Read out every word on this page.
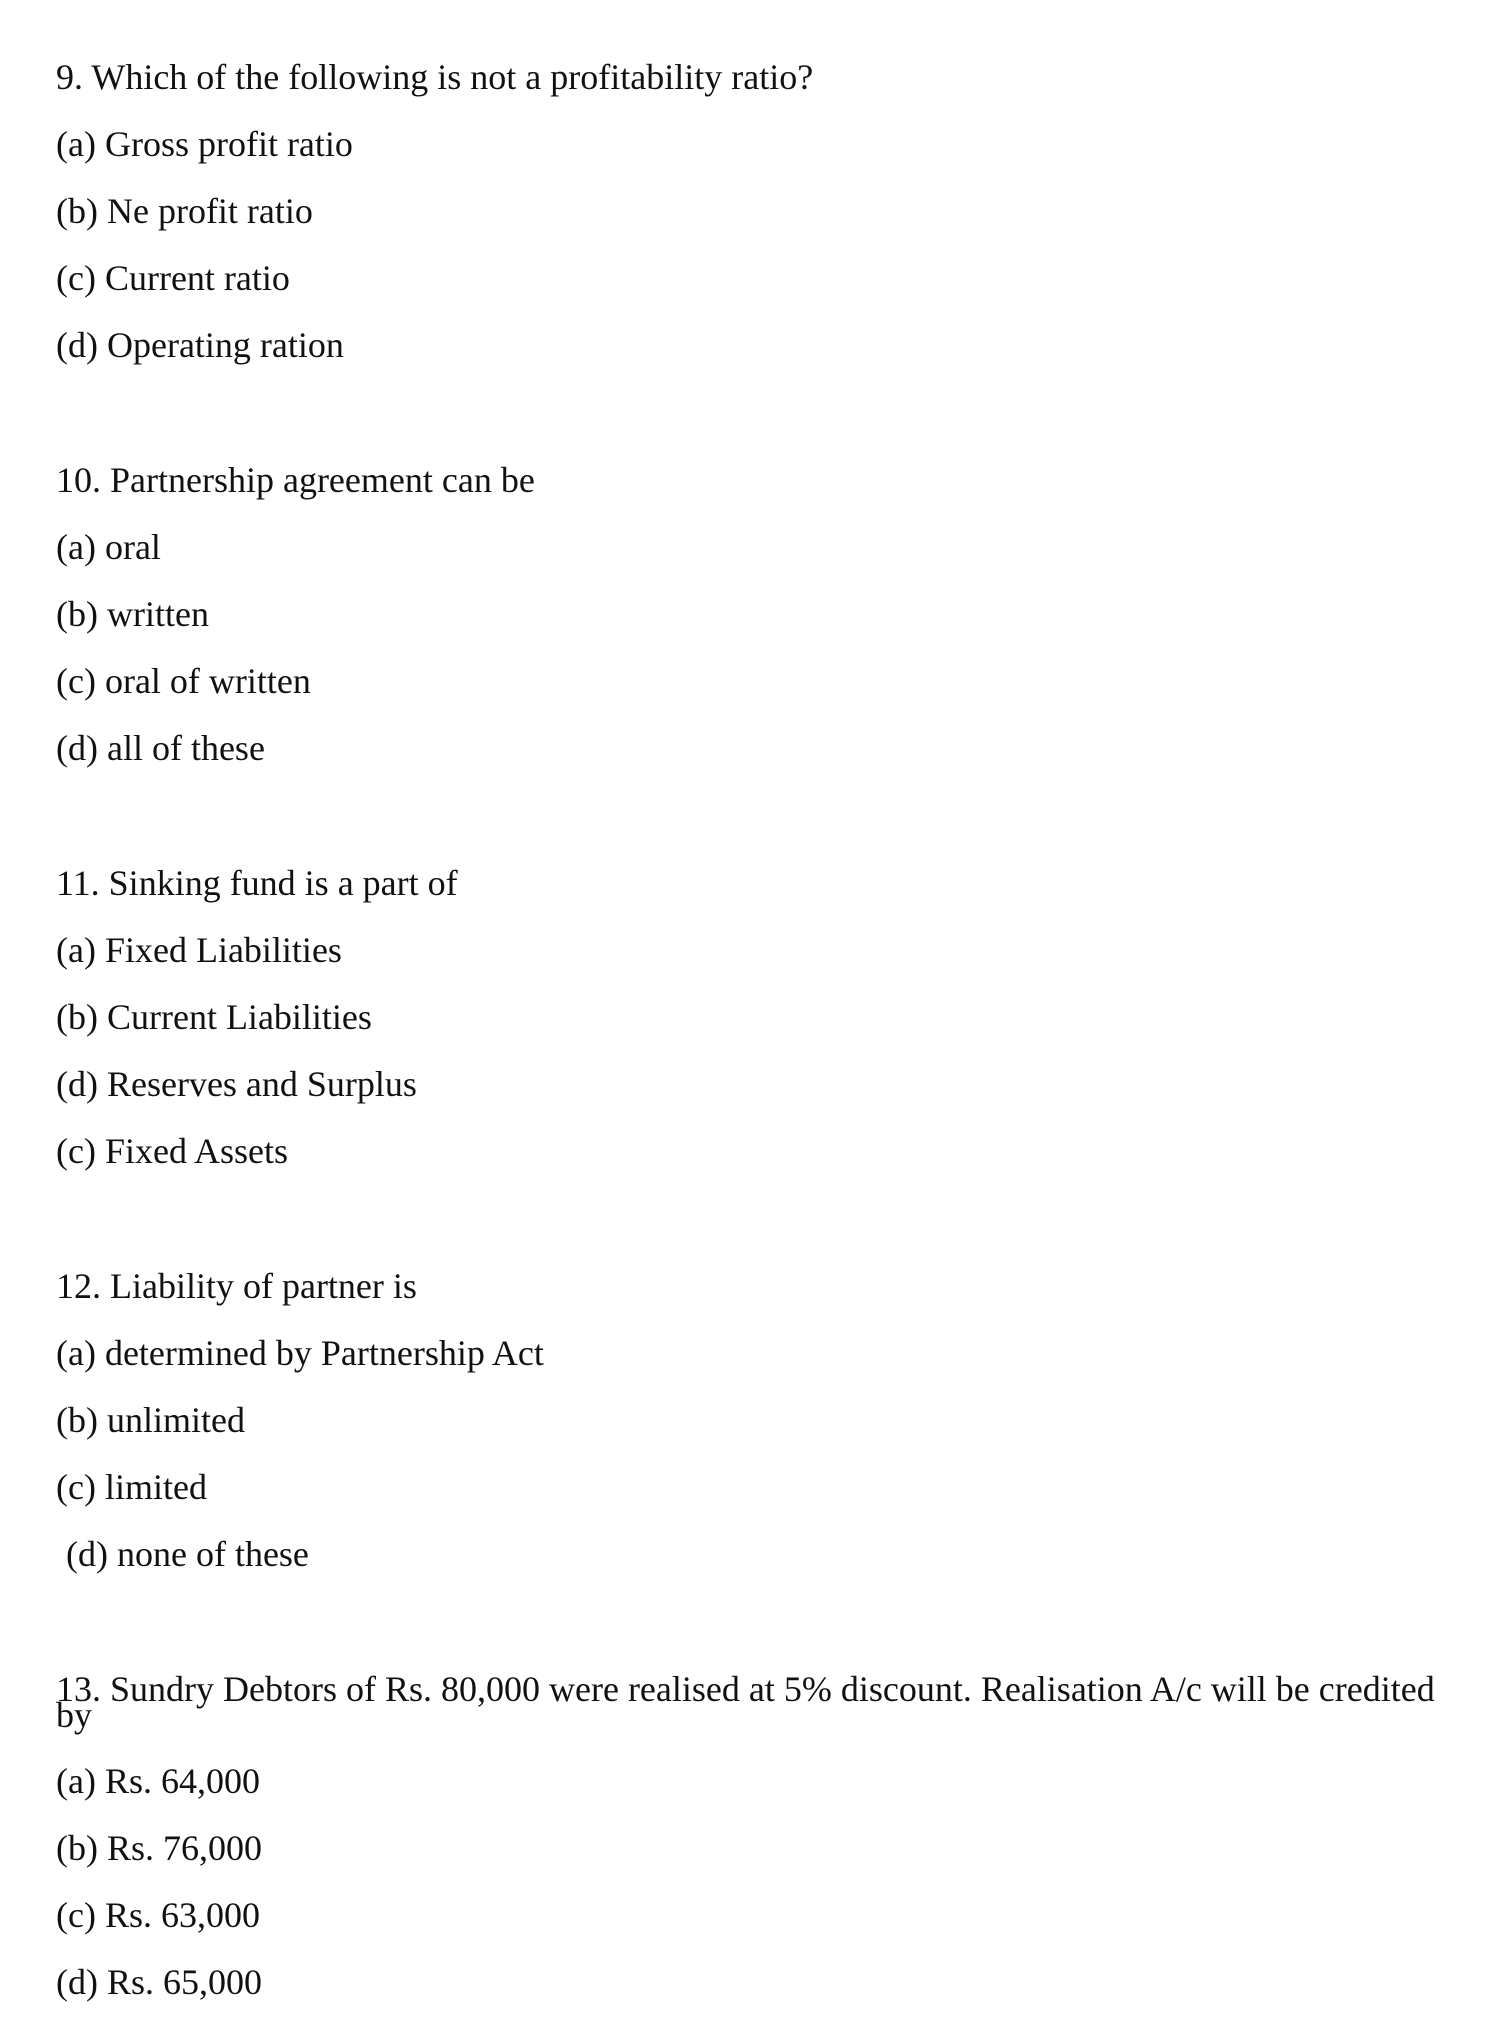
9. Which of the following is not a profitability ratio?
(a) Gross profit ratio
(b) Ne profit ratio
(c) Current ratio
(d) Operating ration
10. Partnership agreement can be
(a) oral
(b) written
(c) oral of written
(d) all of these
11. Sinking fund is a part of
(a) Fixed Liabilities
(b) Current Liabilities
(d) Reserves and Surplus
(c) Fixed Assets
12. Liability of partner is
(a) determined by Partnership Act
(b) unlimited
(c) limited
(d) none of these
13. Sundry Debtors of Rs. 80,000 were realised at 5% discount. Realisation A/c will be credited by
(a) Rs. 64,000
(b) Rs. 76,000
(c) Rs. 63,000
(d) Rs. 65,000
